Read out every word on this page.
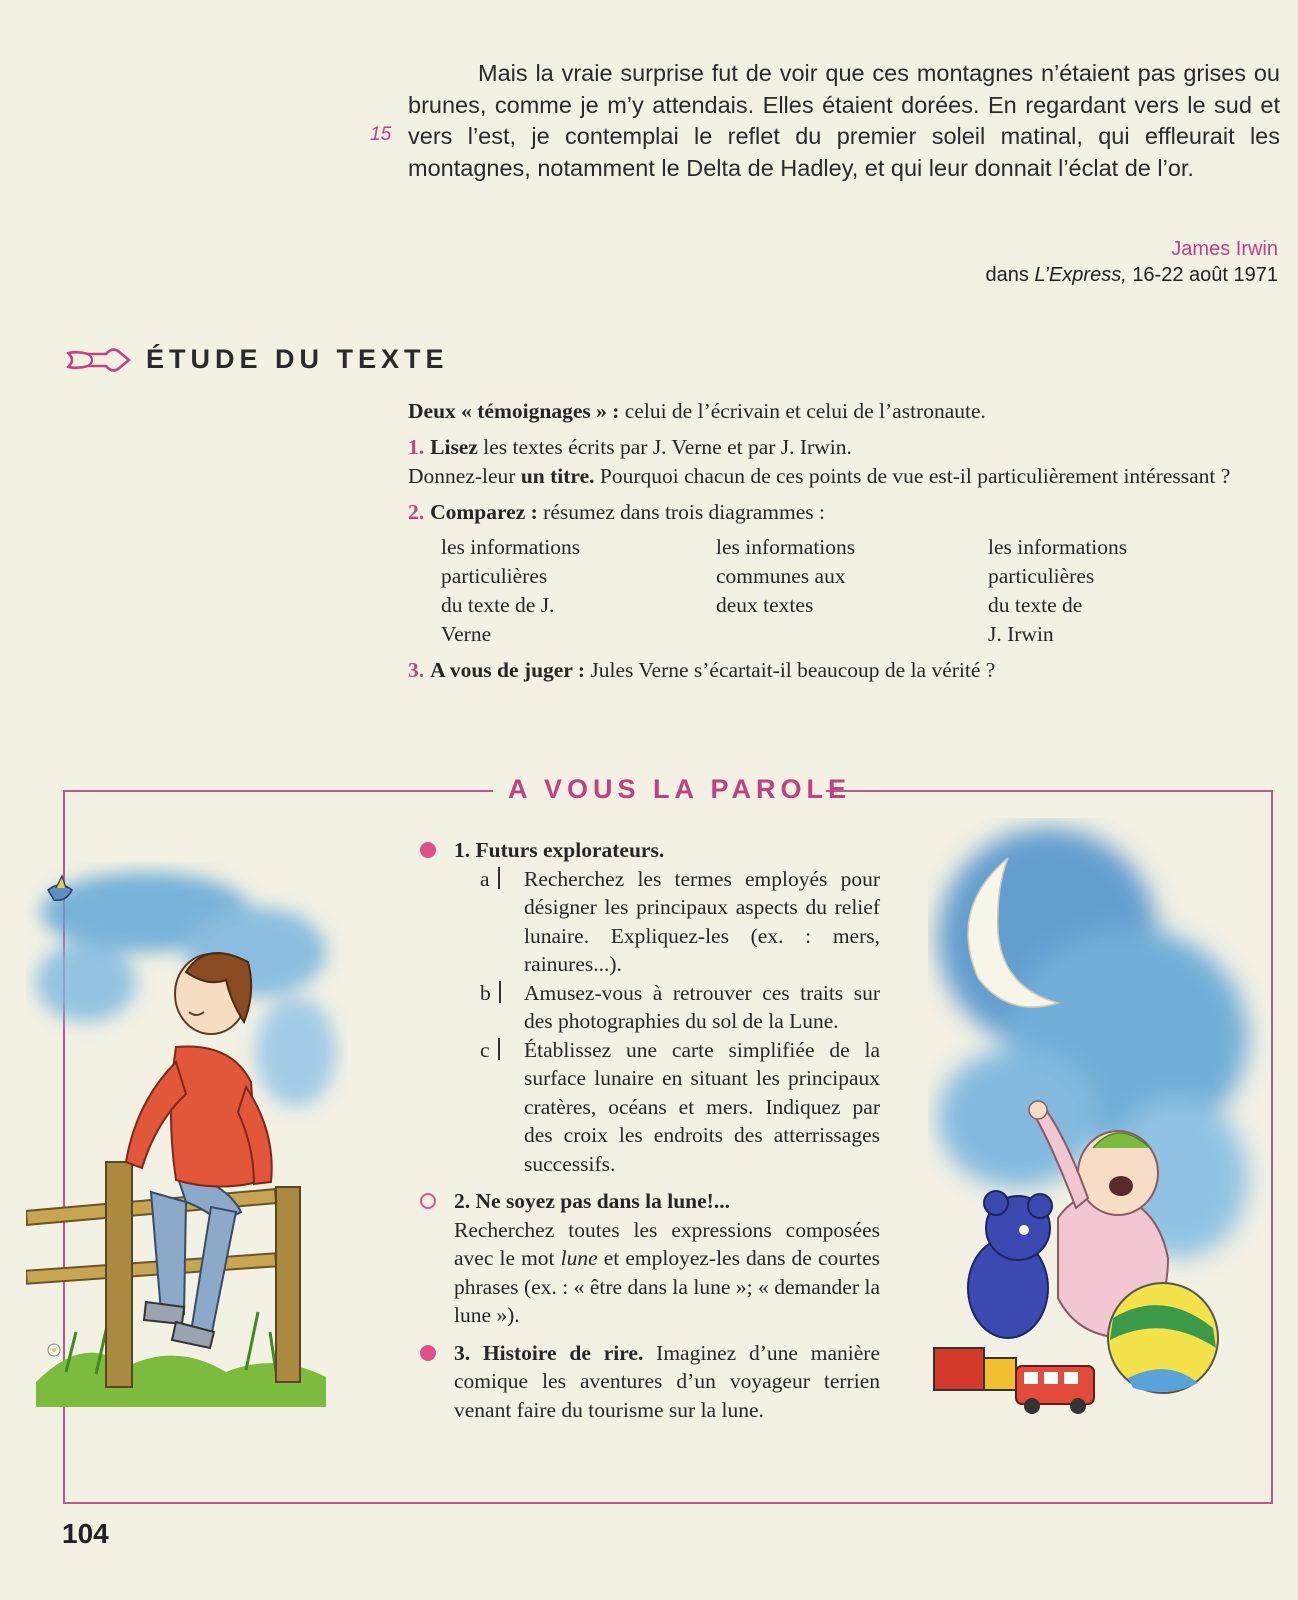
15

Mais la vraie surprise fut de voir que ces montagnes n’étaient pas grises ou brunes, comme je m’y attendais. Elles étaient dorées. En regardant vers le sud et vers l’est, je contemplai le reflet du premier soleil matinal, qui effleurait les montagnes, notamment le Delta de Hadley, et qui leur donnait l’éclat de l’or.

James Irwin
dans L’Express, 16-22 août 1971
ÉTUDE DU TEXTE

Deux « témoignages » : celui de l’écrivain et celui de l’astronaute.

1. Lisez les textes écrits par J. Verne et par J. Irwin.

Donnez-leur un titre. Pourquoi chacun de ces points de vue est-il particulièrement intéressant ?

2. Comparez : résumez dans trois diagrammes :

les informations
particulières
du texte de J.
Verne
les informations
communes aux
deux textes
les informations
particulières
du texte de
J. Irwin

3. A vous de juger : Jules Verne s’écartait-il beaucoup de la vérité ?

A VOUS LA PAROLE
1. Futurs explorateurs.
a	Recherchez les termes employés pour désigner les principaux aspects du relief lunaire. Expliquez-les (ex. : mers, rainures...).
b	Amusez-vous à retrouver ces traits sur des photographies du sol de la Lune.
c	Établissez une carte simplifiée de la surface lunaire en situant les principaux cratères, océans et mers. Indiquez par des croix les endroits des atterrissages successifs.
2. Ne soyez pas dans la lune!...
Recherchez toutes les expressions composées avec le mot lune et employez-les dans de courtes phrases (ex. : « être dans la lune »; « demander la lune »).
3. Histoire de rire. Imaginez d’une manière comique les aventures d’un voyageur terrien venant faire du tourisme sur la lune.
104
